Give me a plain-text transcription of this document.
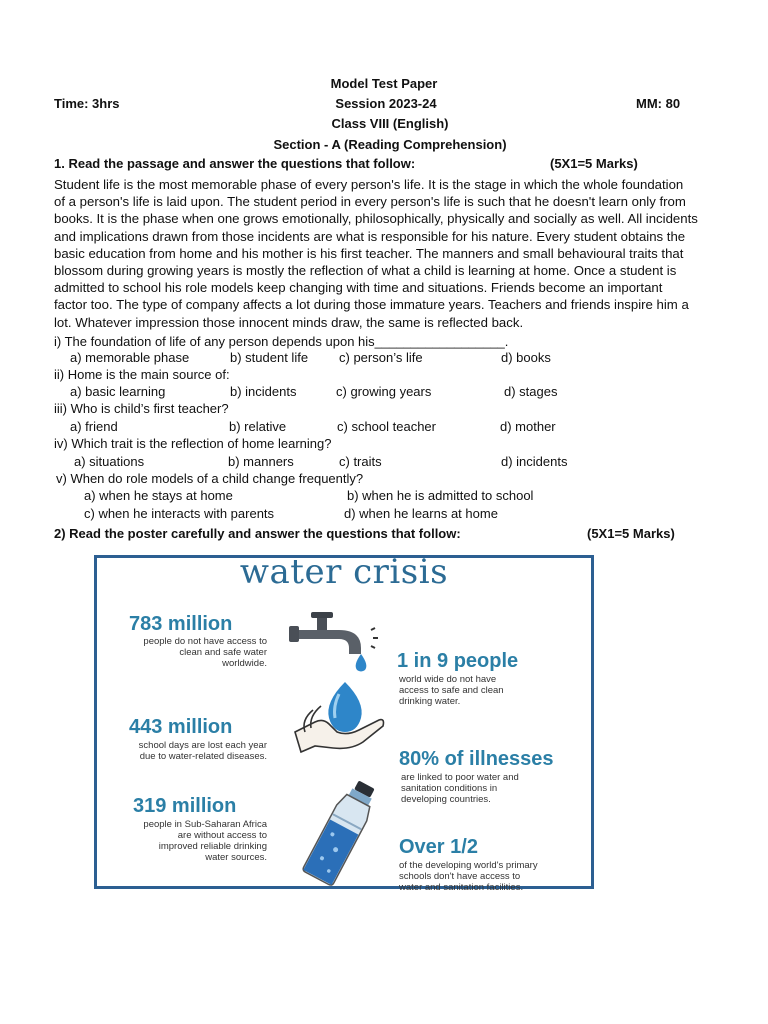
Model Test Paper
Time: 3hrs	Session 2023-24	MM: 80
Class VIII (English)
Section - A (Reading Comprehension)
1. Read the passage and answer the questions that follow:	(5X1=5 Marks)
Student life is the most memorable phase of every person's life. It is the stage in which the whole foundation
of a person's life is laid upon. The student period in every person's life is such that he doesn't learn only from
books. It is the phase when one grows emotionally, philosophically, physically and socially as well. All incidents
and implications drawn from those incidents are what is responsible for his nature. Every student obtains the
basic education from home and his mother is his first teacher. The manners and small behavioural traits that
blossom during growing years is mostly the reflection of what a child is learning at home. Once a student is
admitted to school his role models keep changing with time and situations. Friends become an important
factor too. The type of company affects a lot during those immature years. Teachers and friends inspire him a
lot. Whatever impression those innocent minds draw, the same is reflected back.
i) The foundation of life of any person depends upon his__________________.
a) memorable phase	b) student life c) person’s life	d) books
ii) Home is the main source of:
a) basic learning	b) incidents	c) growing years	d) stages
iii) Who is child’s first teacher?
a) friend	b) relative	c) school teacher	d) mother
iv) Which trait is the reflection of home learning?
a) situations	b) manners	c) traits	d) incidents
v) When do role models of a child change frequently?
a) when he stays at home	b) when he is admitted to school
c) when he interacts with parents	d) when he learns at home
2) Read the poster carefully and answer the questions that follow:	(5X1=5 Marks)
water crisis
783 million
people do not have access to
clean and safe water
worldwide.
443 million
school days are lost each year
due to water-related diseases.
319 million
people in Sub-Saharan Africa
are without access to
improved reliable drinking
water sources.
1 in 9 people
world wide do not have
access to safe and clean
drinking water.
80% of illnesses
are linked to poor water and
sanitation conditions in
developing countries.
Over 1/2
of the developing world's primary
schools don't have access to
water and sanitation facilities.
